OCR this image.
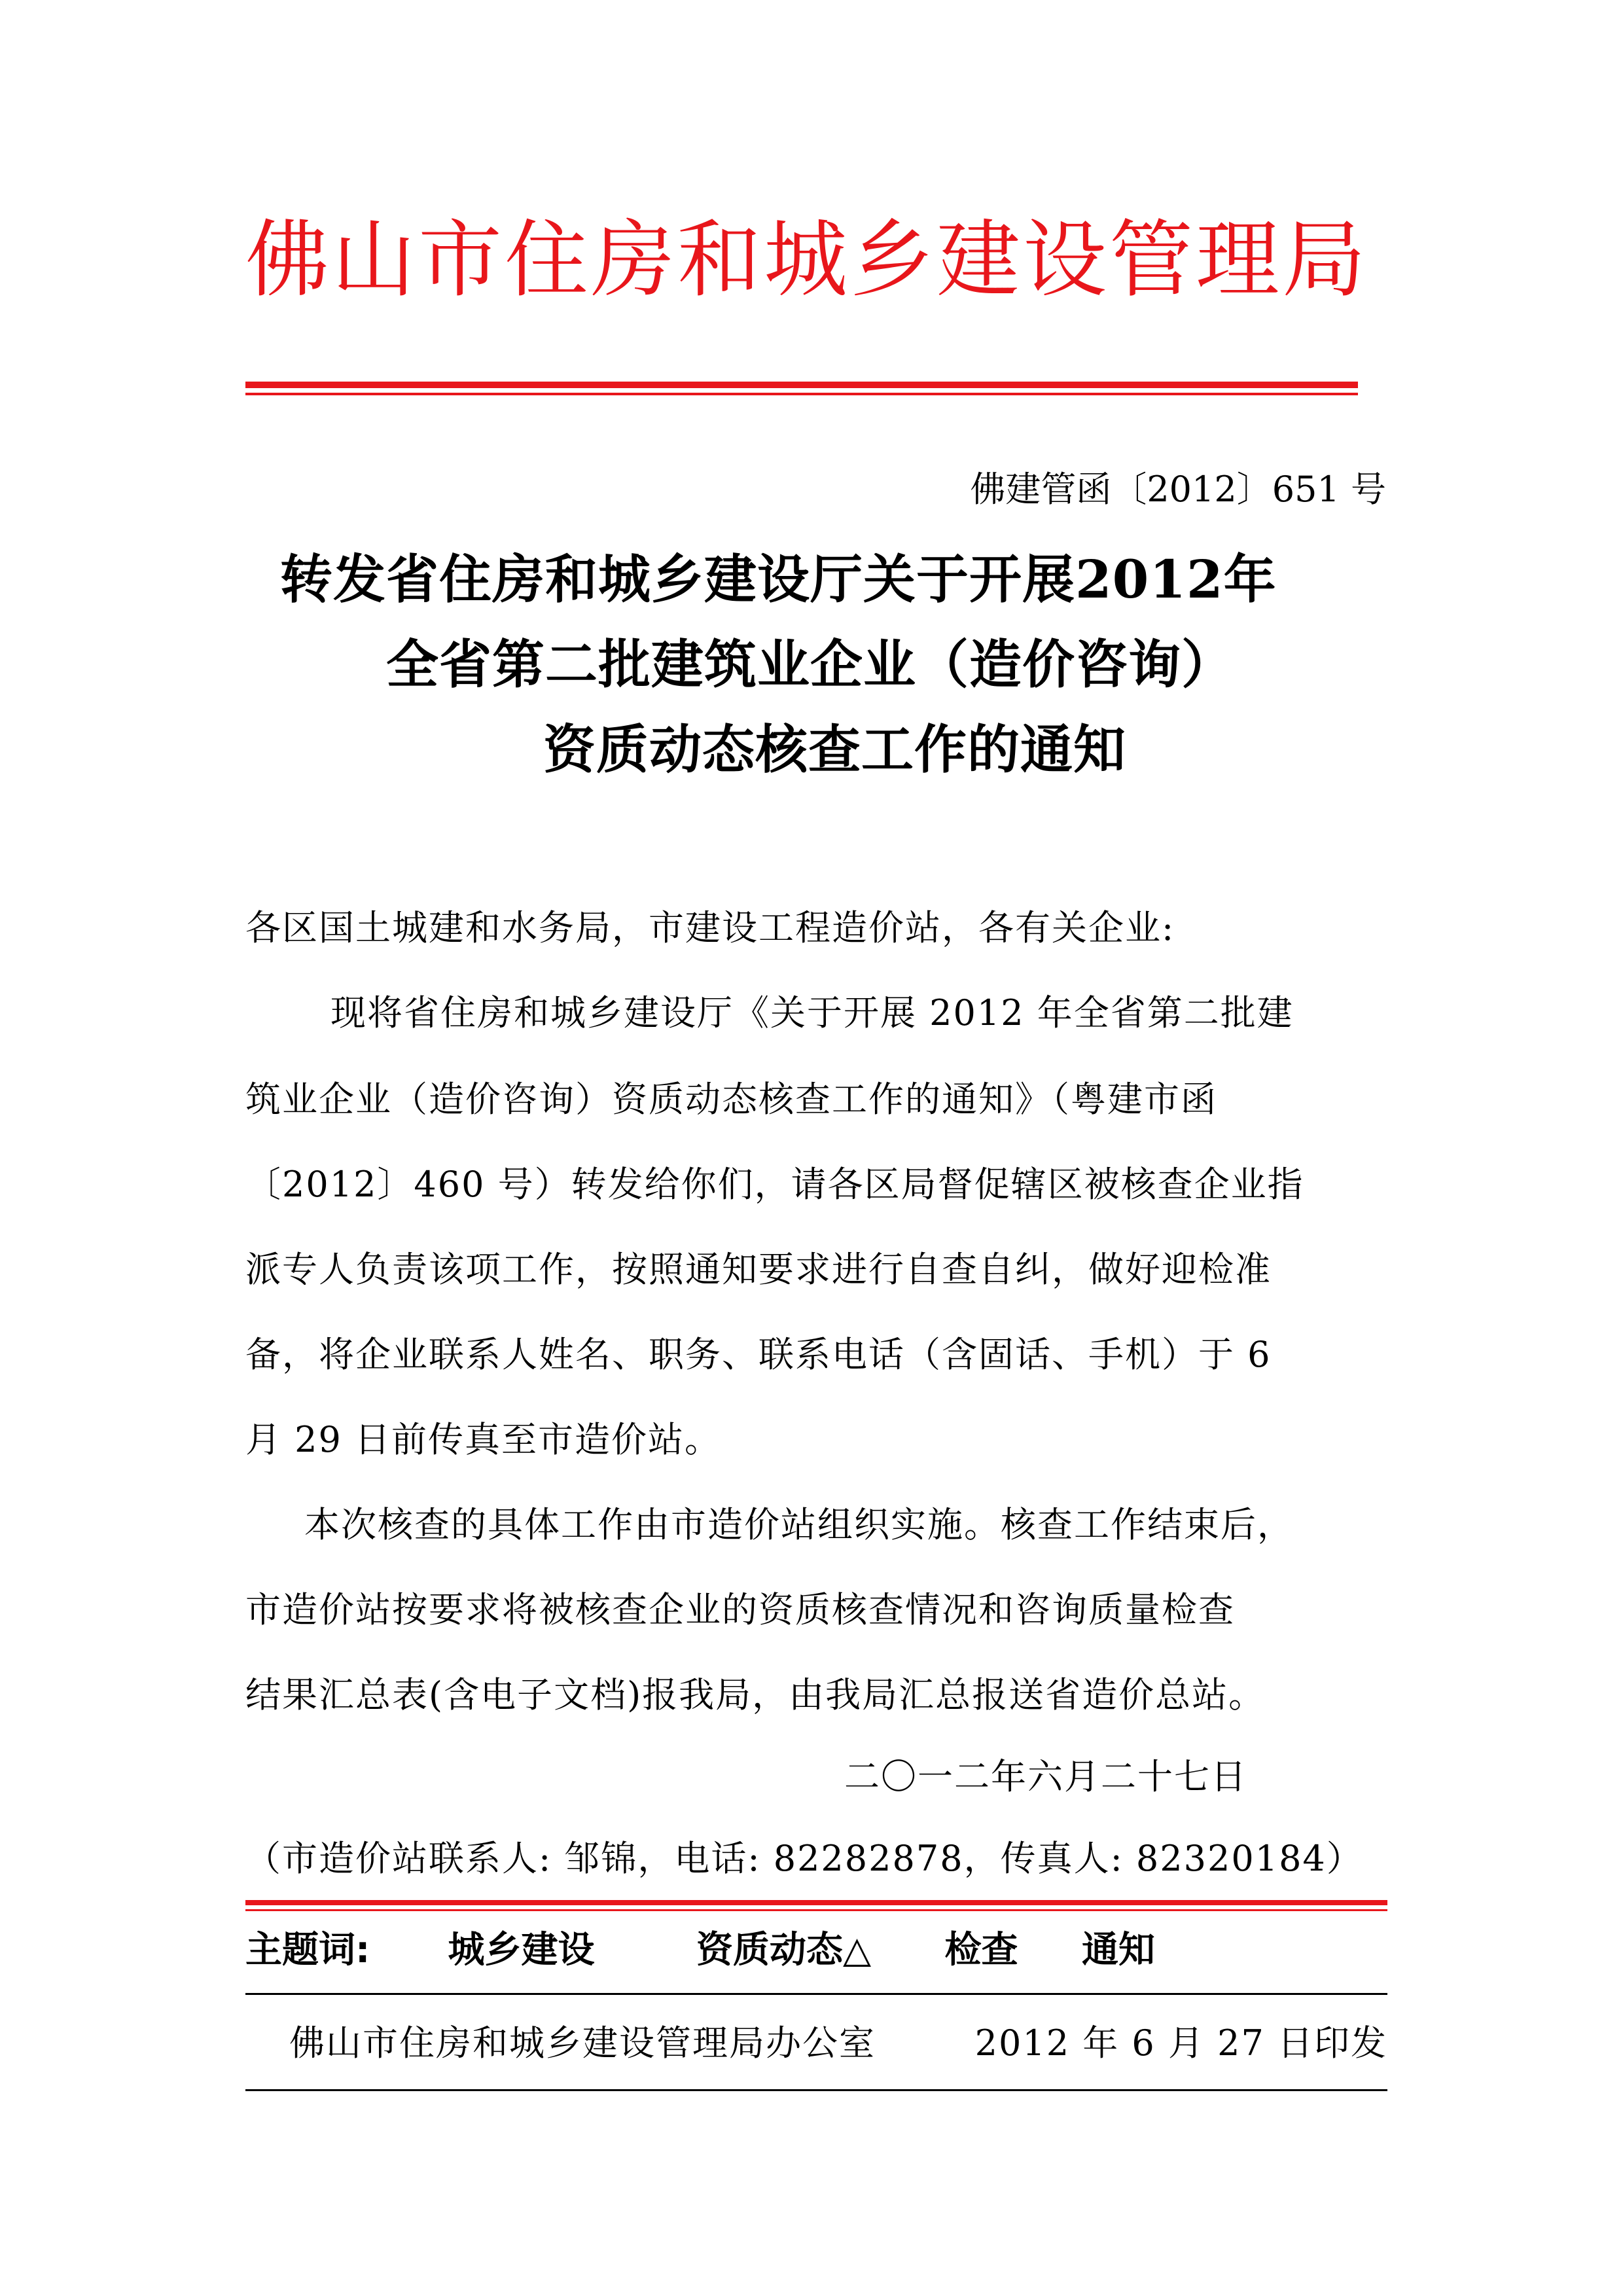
佛山市住房和城乡建设管理局
佛建管函〔2012〕651 号
转发省住房和城乡建设厅关于开展2012年
全省第二批建筑业企业（造价咨询）
资质动态核查工作的通知
各区国土城建和水务局，市建设工程造价站，各有关企业:
现将省住房和城乡建设厅《关于开展 2012 年全省第二批建
筑业企业（造价咨询）资质动态核查工作的通知》（粤建市函
〔2012〕460 号）转发给你们，请各区局督促辖区被核查企业指
派专人负责该项工作，按照通知要求进行自查自纠，做好迎检准
备，将企业联系人姓名、职务、联系电话（含固话、手机）于 6
月 29 日前传真至市造价站。
本次核查的具体工作由市造价站组织实施。核查工作结束后，
市造价站按要求将被核查企业的资质核查情况和咨询质量检查
结果汇总表(含电子文档)报我局，由我局汇总报送省造价总站。
二〇一二年六月二十七日
（市造价站联系人: 邹锦，电话: 82282878，传真人: 82320184）
主题词: 城乡建设	资质动态△ 检查 通知
佛山市住房和城乡建设管理局办公室	2012 年 6 月 27 日印发
